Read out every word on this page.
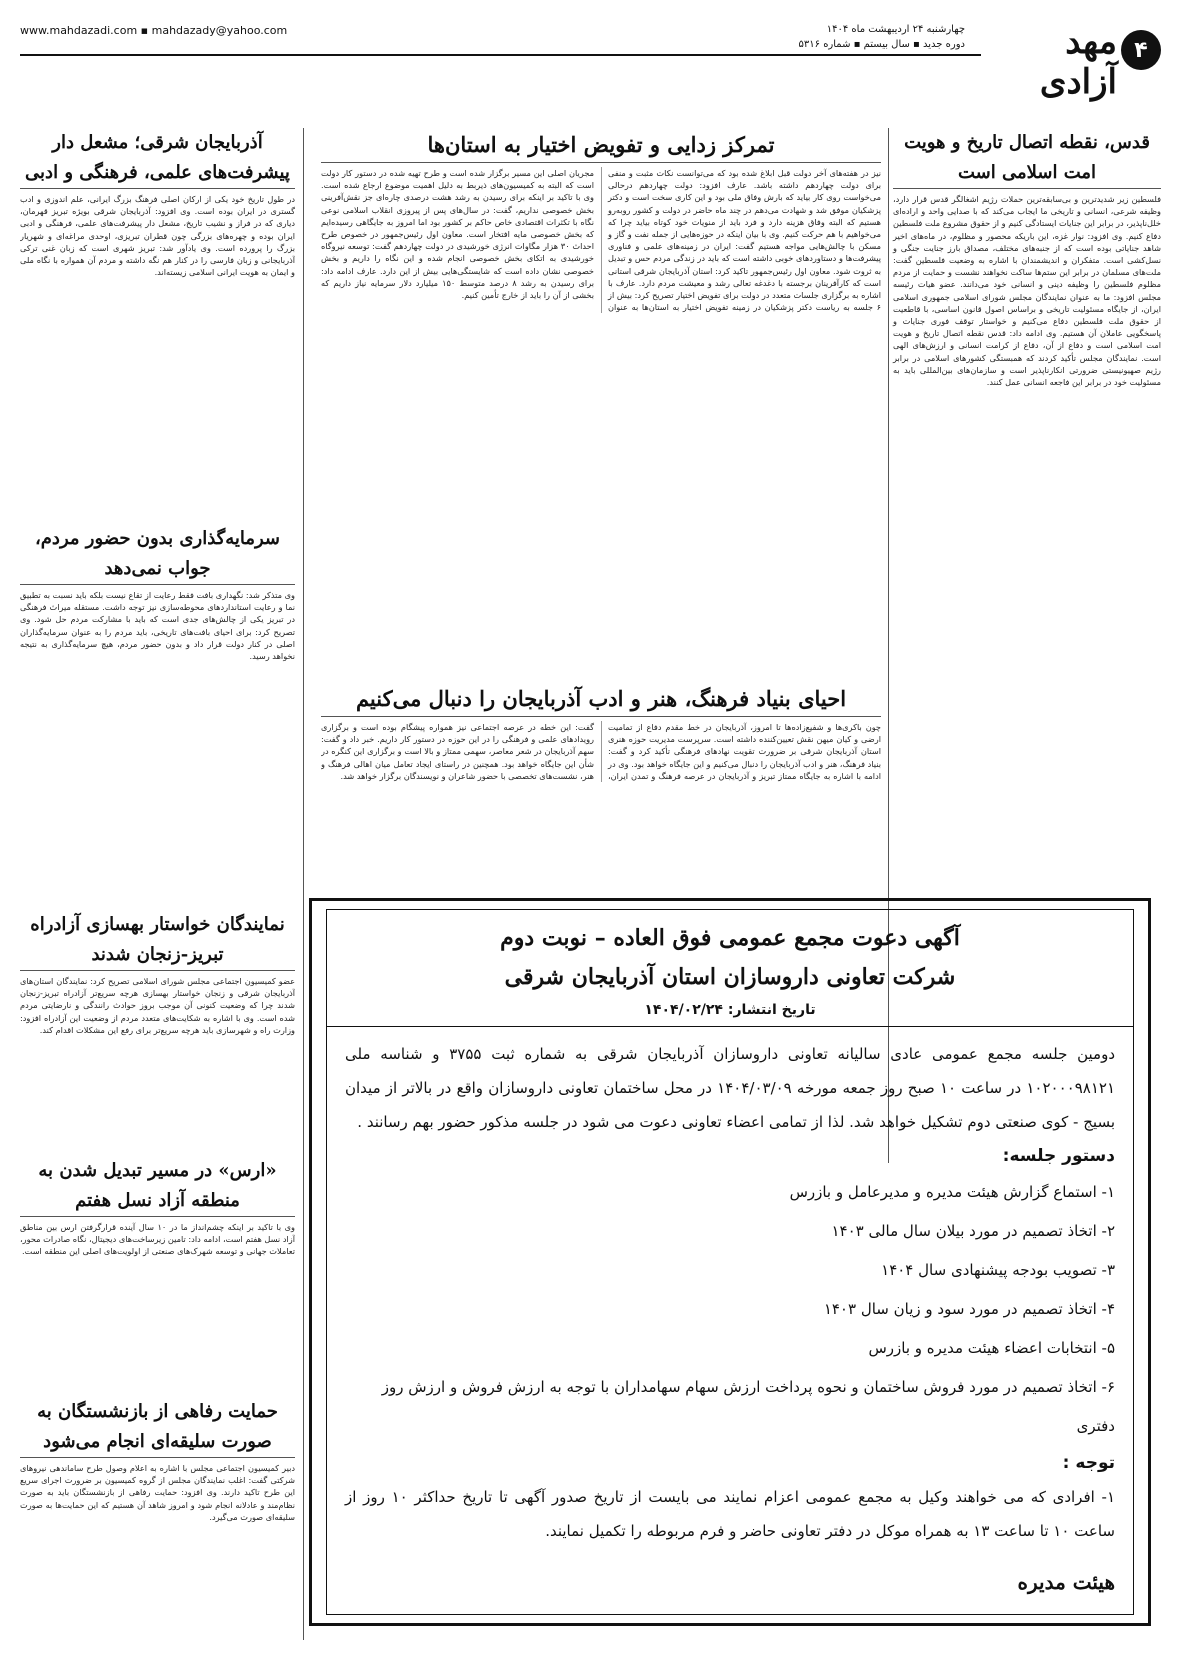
۴
مهد آزادی
چهارشنبه ۲۴ اردیبهشت ماه ۱۴۰۴
دوره جدید ▪ سال بیستم ▪ شماره ۵۳۱۶
www.mahdazadi.com ▪ mahdazady@yahoo.com
قدس، نقطه اتصال تاریخ و هویت امت اسلامی است

فلسطین زیر شدیدترین و بی‌سابقه‌ترین حملات رژیم اشغالگر قدس قرار دارد، وظیفه شرعی، انسانی و تاریخی ما ایجاب می‌کند که با صدایی واحد و اراده‌ای خلل‌ناپذیر، در برابر این جنایات ایستادگی کنیم و از حقوق مشروع ملت فلسطین دفاع کنیم. وی افزود: نوار غزه، این باریکه محصور و مظلوم، در ماه‌های اخیر شاهد جنایاتی بوده است که از جنبه‌های مختلف، مصداق بارز جنایت جنگی و نسل‌کشی است. متفکران و اندیشمندان با اشاره به وضعیت فلسطین گفت: ملت‌های مسلمان در برابر این ستم‌ها ساکت نخواهند نشست و حمایت از مردم مظلوم فلسطین را وظیفه دینی و انسانی خود می‌دانند. عضو هیات رئیسه مجلس افزود: ما به عنوان نمایندگان مجلس شورای اسلامی جمهوری اسلامی ایران، از جایگاه مسئولیت تاریخی و براساس اصول قانون اساسی، با قاطعیت از حقوق ملت فلسطین دفاع می‌کنیم و خواستار توقف فوری جنایات و پاسخگویی عاملان آن هستیم. وی ادامه داد: قدس نقطه اتصال تاریخ و هویت امت اسلامی است و دفاع از آن، دفاع از کرامت انسانی و ارزش‌های الهی است. نمایندگان مجلس تأکید کردند که همبستگی کشورهای اسلامی در برابر رژیم صهیونیستی ضرورتی انکارناپذیر است و سازمان‌های بین‌المللی باید به مسئولیت خود در برابر این فاجعه انسانی عمل کنند.

تمرکز زدایی و تفویض اختیار به استان‌ها

نیز در هفته‌های آخر دولت قبل ابلاغ شده بود که می‌توانست نکات مثبت و منفی برای دولت چهاردهم داشته باشد. عارف افزود: دولت چهاردهم درحالی می‌خواست روی کار بیاید که بارش وفاق ملی بود و این کاری سخت است و دکتر پزشکیان موفق شد و شهادت می‌دهم در چند ماه حاضر در دولت و کشور روبه‌رو هستیم که البته وفاق هزینه دارد و فرد باید از منویات خود کوتاه بیاید چرا که می‌خواهیم با هم حرکت کنیم. وی با بیان اینکه در حوزه‌هایی از جمله نفت و گاز و مسکن با چالش‌هایی مواجه هستیم گفت: ایران در زمینه‌های علمی و فناوری پیشرفت‌ها و دستاوردهای خوبی داشته است که باید در زندگی مردم حس و تبدیل به ثروت شود. معاون اول رئیس‌جمهور تاکید کرد: استان آذربایجان شرقی استانی است که کارآفرینان برجسته با دغدغه تعالی رشد و معیشت مردم دارد. عارف با اشاره به برگزاری جلسات متعدد در دولت برای تفویض اختیار تصریح کرد: بیش از ۶ جلسه به ریاست دکتر پزشکیان در زمینه تفویض اختیار به استان‌ها به عنوان مجریان اصلی این مسیر برگزار شده است و طرح تهیه شده در دستور کار دولت است که البته به کمیسیون‌های ذیربط به دلیل اهمیت موضوع ارجاع شده است. وی با تاکید بر اینکه برای رسیدن به رشد هشت درصدی چاره‌ای جز نقش‌آفرینی بخش خصوصی نداریم، گفت: در سال‌های پس از پیروزی انقلاب اسلامی نوعی نگاه با تکثرات اقتصادی خاص حاکم بر کشور بود اما امروز به جایگاهی رسیده‌ایم که بخش خصوصی مایه افتخار است. معاون اول رئیس‌جمهور در خصوص طرح احداث ۳۰ هزار مگاوات انرژی خورشیدی در دولت چهاردهم گفت: توسعه نیروگاه خورشیدی به اتکای بخش خصوصی انجام شده و این نگاه را داریم و بخش خصوصی نشان داده است که شایستگی‌هایی بیش از این دارد. عارف ادامه داد: برای رسیدن به رشد ۸ درصد متوسط ۱۵۰ میلیارد دلار سرمایه نیاز داریم که بخشی از آن را باید از خارج تأمین کنیم.

احیای بنیاد فرهنگ، هنر و ادب آذربایجان را دنبال می‌کنیم

چون باکری‌ها و شفیع‌زاده‌ها تا امروز، آذربایجان در خط مقدم دفاع از تمامیت ارضی و کیان میهن نقش تعیین‌کننده داشته است. سرپرست مدیریت حوزه هنری استان آذربایجان شرقی بر ضرورت تقویت نهادهای فرهنگی تأکید کرد و گفت: بنیاد فرهنگ، هنر و ادب آذربایجان را دنبال می‌کنیم و این جایگاه خواهد بود. وی در ادامه با اشاره به جایگاه ممتاز تبریز و آذربایجان در عرصه فرهنگ و تمدن ایران، گفت: این خطه در عرصه اجتماعی نیز همواره پیشگام بوده است و برگزاری رویدادهای علمی و فرهنگی را در این حوزه در دستور کار داریم. خبر داد و گفت: سهم آذربایجان در شعر معاصر، سهمی ممتاز و بالا است و برگزاری این کنگره در شأن این جایگاه خواهد بود. همچنین در راستای ایجاد تعامل میان اهالی فرهنگ و هنر، نشست‌های تخصصی با حضور شاعران و نویسندگان برگزار خواهد شد.

آذربایجان شرقی؛ مشعل دار پیشرفت‌های علمی، فرهنگی و ادبی

در طول تاریخ خود یکی از ارکان اصلی فرهنگ بزرگ ایرانی، علم اندوزی و ادب گستری در ایران بوده است. وی افزود: آذربایجان شرقی بویژه تبریز قهرمان، دیاری که در فراز و نشیب تاریخ، مشعل دار پیشرفت‌های علمی، فرهنگی و ادبی ایران بوده و چهره‌های بزرگی چون قطران تبریزی، اوحدی مراغه‌ای و شهریار بزرگ را پرورده است. وی یادآور شد: تبریز شهری است که زبان غنی ترکی آذربایجانی و زبان فارسی را در کنار هم نگه داشته و مردم آن همواره با نگاه ملی و ایمان به هویت ایرانی اسلامی زیسته‌اند.

سرمایه‌گذاری بدون حضور مردم، جواب نمی‌دهد

وی متذکر شد: نگهداری بافت فقط رعایت از تقاع نیست بلکه باید نسبت به تطبیق نما و رعایت استانداردهای محوطه‌سازی نیز توجه داشت. مستقله میراث فرهنگی در تبریز یکی از چالش‌های جدی است که باید با مشارکت مردم حل شود. وی تصریح کرد: برای احیای بافت‌های تاریخی، باید مردم را به عنوان سرمایه‌گذاران اصلی در کنار دولت قرار داد و بدون حضور مردم، هیچ سرمایه‌گذاری به نتیجه نخواهد رسید.

نمایندگان خواستار بهسازی آزادراه تبریز-زنجان شدند

عضو کمیسیون اجتماعی مجلس شورای اسلامی تصریح کرد: نمایندگان استان‌های آذربایجان شرقی و زنجان خواستار بهسازی هرچه سریع‌تر آزادراه تبریز-زنجان شدند چرا که وضعیت کنونی آن موجب بروز حوادث رانندگی و نارضایتی مردم شده است. وی با اشاره به شکایت‌های متعدد مردم از وضعیت این آزادراه افزود: وزارت راه و شهرسازی باید هرچه سریع‌تر برای رفع این مشکلات اقدام کند.

«ارس» در مسیر تبدیل شدن به منطقه آزاد نسل هفتم

وی با تاکید بر اینکه چشم‌انداز ما در ۱۰ سال آینده قرارگرفتن ارس بین مناطق آزاد نسل هفتم است، ادامه داد: تامین زیرساخت‌های دیجیتال، نگاه صادرات محور، تعاملات جهانی و توسعه شهرک‌های صنعتی از اولویت‌های اصلی این منطقه است.

حمایت رفاهی از بازنشستگان به صورت سلیقه‌ای انجام می‌شود

دبیر کمیسیون اجتماعی مجلس با اشاره به اعلام وصول طرح ساماندهی نیروهای شرکتی گفت: اغلب نمایندگان مجلس از گروه کمیسیون بر ضرورت اجرای سریع این طرح تاکید دارند. وی افزود: حمایت رفاهی از بازنشستگان باید به صورت نظام‌مند و عادلانه انجام شود و امروز شاهد آن هستیم که این حمایت‌ها به صورت سلیقه‌ای صورت می‌گیرد.

آگهی دعوت مجمع عمومی فوق العاده – نوبت دوم
شرکت تعاونی داروسازان استان آذربایجان شرقی
تاریخ انتشار: ۱۴۰۴/۰۲/۲۴

دومین جلسه مجمع عمومی عادی سالیانه تعاونی داروسازان آذربایجان شرقی به شماره ثبت ۳۷۵۵ و شناسه ملی ۱۰۲۰۰۰۹۸۱۲۱ در ساعت ۱۰ صبح روز جمعه مورخه ۱۴۰۴/۰۳/۰۹ در محل ساختمان تعاونی داروسازان واقع در بالاتر از میدان بسیج - کوی صنعتی دوم تشکیل خواهد شد. لذا از تمامی اعضاء تعاونی دعوت می شود در جلسه مذکور حضور بهم رسانند .

دستور جلسه:
۱- استماع گزارش هیئت مدیره و مدیرعامل و بازرس
۲- اتخاذ تصمیم در مورد بیلان سال مالی ۱۴۰۳
۳- تصویب بودجه پیشنهادی سال ۱۴۰۴
۴- اتخاذ تصمیم در مورد سود و زیان سال ۱۴۰۳
۵- انتخابات اعضاء هیئت مدیره و بازرس
۶- اتخاذ تصمیم در مورد فروش ساختمان و نحوه پرداخت ارزش سهام سهامداران با توجه به ارزش فروش و ارزش روز دفتری
توجه :

۱- افرادی که می خواهند وکیل به مجمع عمومی اعزام نمایند می بایست از تاریخ صدور آگهی تا تاریخ حداکثر ۱۰ روز از ساعت ۱۰ تا ساعت ۱۳ به همراه موکل در دفتر تعاونی حاضر و فرم مربوطه را تکمیل نمایند.

هیئت مدیره
